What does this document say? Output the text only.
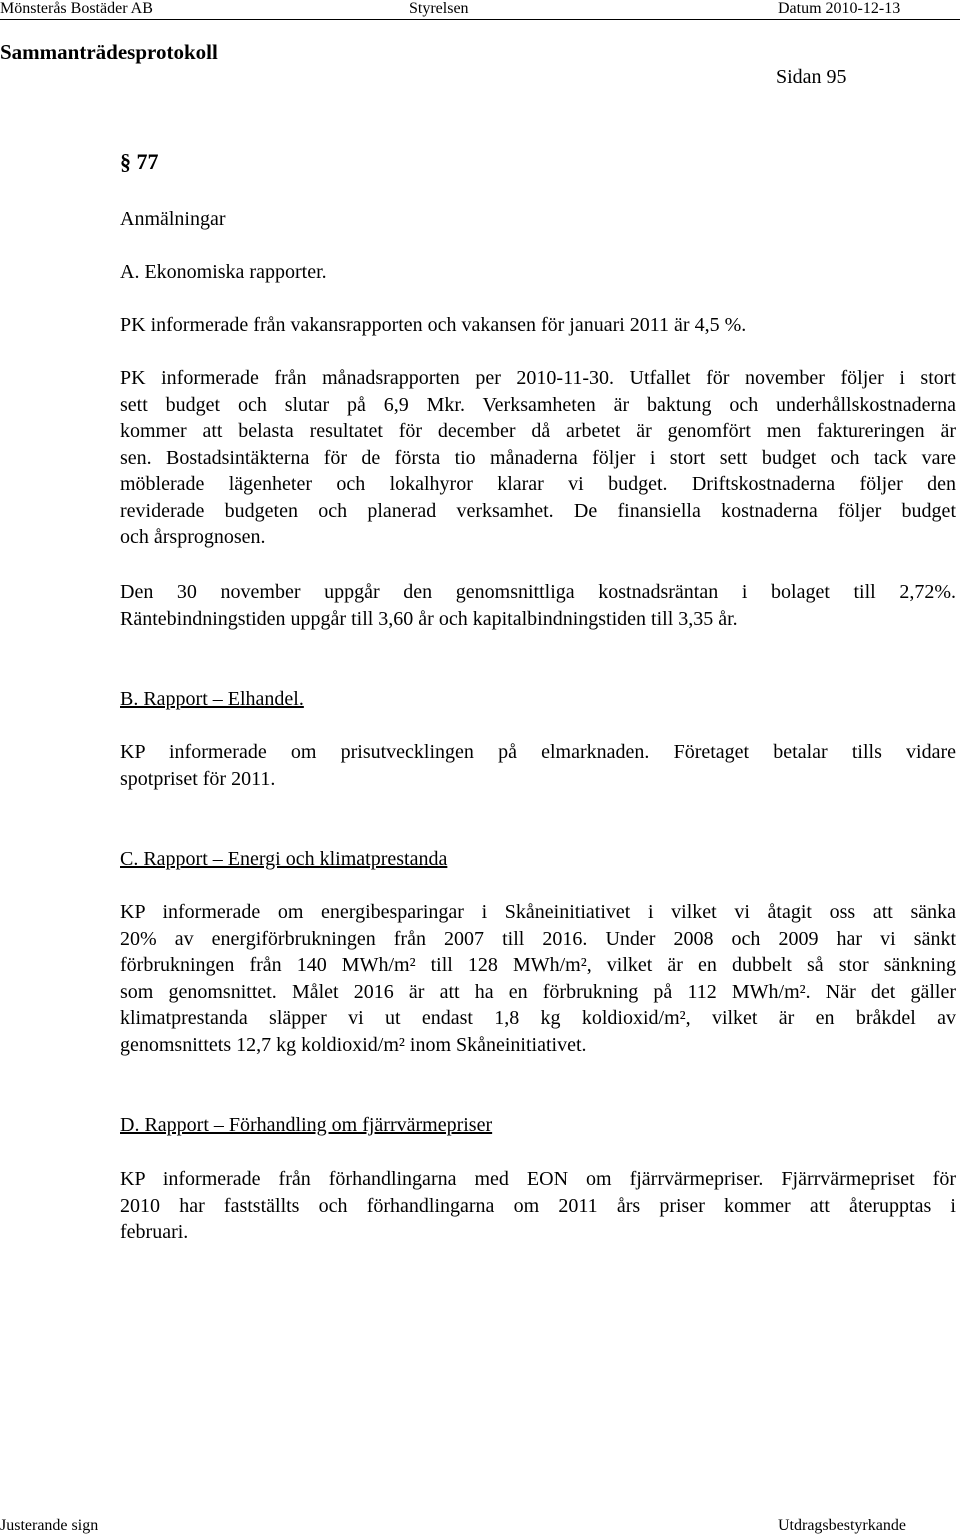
Mönsterås Bostäder AB	Styrelsen	Datum 2010-12-13
Sammanträdesprotokoll
Sidan 95
§ 77
Anmälningar
A. Ekonomiska rapporter.
PK informerade från vakansrapporten och vakansen för januari 2011 är 4,5 %.
PK informerade från månadsrapporten per 2010-11-30. Utfallet för november följer i stort
sett budget och slutar på 6,9 Mkr. Verksamheten är baktung och underhållskostnaderna
kommer att belasta resultatet för december då arbetet är genomfört men faktureringen är
sen. Bostadsintäkterna för de första tio månaderna följer i stort sett budget och tack vare
möblerade lägenheter och lokalhyror klarar vi budget. Driftskostnaderna följer den
reviderade budgeten och planerad verksamhet. De finansiella kostnaderna följer budget
och årsprognosen.
Den 30 november uppgår den genomsnittliga kostnadsräntan i bolaget till 2,72%.
Räntebindningstiden uppgår till 3,60 år och kapitalbindningstiden till 3,35 år.
B. Rapport – Elhandel.
KP informerade om prisutvecklingen på elmarknaden. Företaget betalar tills vidare
spotpriset för 2011.
C. Rapport – Energi och klimatprestanda
KP informerade om energibesparingar i Skåneinitiativet i vilket vi åtagit oss att sänka
20% av energiförbrukningen från 2007 till 2016. Under 2008 och 2009 har vi sänkt
förbrukningen från 140 MWh/m² till 128 MWh/m², vilket är en dubbelt så stor sänkning
som genomsnittet. Målet 2016 är att ha en förbrukning på 112 MWh/m². När det gäller
klimatprestanda släpper vi ut endast 1,8 kg koldioxid/m², vilket är en bråkdel av
genomsnittets 12,7 kg koldioxid/m² inom Skåneinitiativet.
D. Rapport – Förhandling om fjärrvärmepriser
KP informerade från förhandlingarna med EON om fjärrvärmepriser. Fjärrvärmepriset för
2010 har fastställts och förhandlingarna om 2011 års priser kommer att återupptas i
februari.
Justerande sign	Utdragsbestyrkande
